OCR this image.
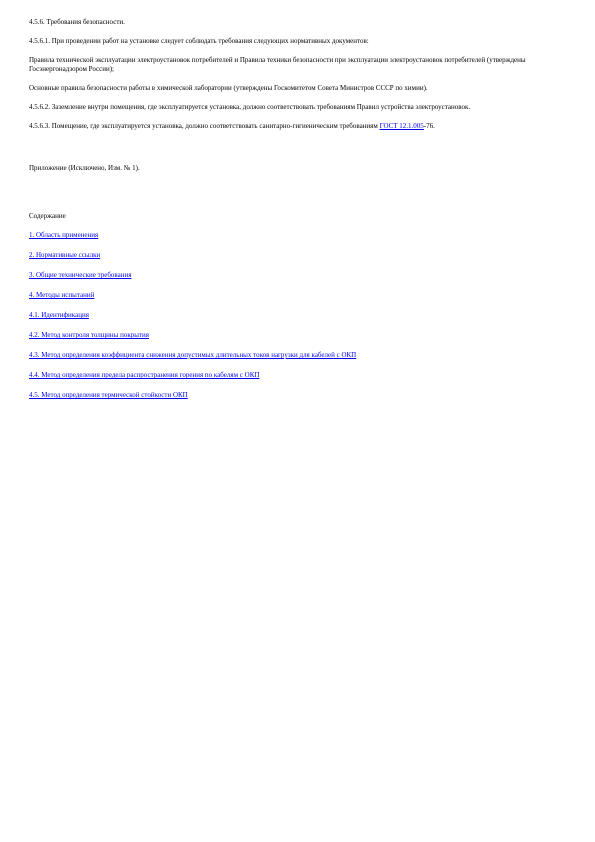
4.5.6. Требования безопасности.

4.5.6.1. При проведении работ на установке следует соблюдать требования следующих нормативных документов:

Правила технической эксплуатации электроустановок потребителей и Правила техники безопасности при эксплуатации электроустановок потребителей (утверждены Госэнергонадзором России);

Основные правила безопасности работы в химической лаборатории (утверждены Госкомитетом Совета Министров СССР по химии).

4.5.6.2. Заземление внутри помещения, где эксплуатируется установка, должно соответствовать требованиям Правил устройства электроустановок.

4.5.6.3. Помещение, где эксплуатируется установка, должно соответствовать санитарно-гигиеническим требованиям ГОСТ 12.1.005-76.

Приложение (Исключено, Изм. № 1).

Содержание

1. Область применения

2. Нормативные ссылки

3. Общие технические требования

4. Методы испытаний

4.1. Идентификация

4.2. Метод контроля толщины покрытия

4.3. Метод определения коэффициента снижения допустимых длительных токов нагрузки для кабелей с ОКП

4.4. Метод определения предела распространения горения по кабелям с ОКП

4.5. Метод определения термической стойкости ОКП
